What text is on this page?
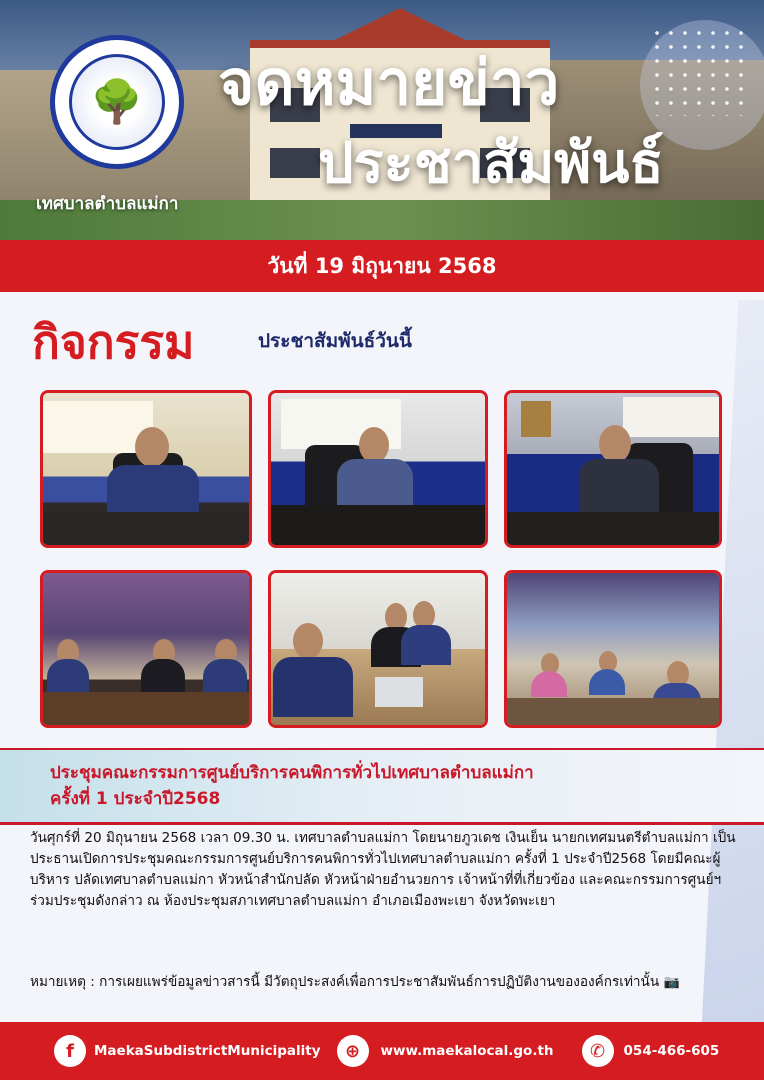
🌳
เทศบาลตำบลแม่กา
จดหมายข่าว
ประชาสัมพันธ์
วันที่ 19 มิถุนายน 2568
กิจกรรม	ประชาสัมพันธ์วันนี้
ประชุมคณะกรรมการศูนย์บริการคนพิการทั่วไปเทศบาลตำบลแม่กา
ครั้งที่ 1 ประจำปี2568
วันศุกร์ที่ 20 มิถุนายน 2568 เวลา 09.30 น. เทศบาลตำบลแม่กา โดยนายภูวเดช เงินเย็น นายกเทศมนตรีตำบลแม่กา เป็นประธานเปิดการประชุมคณะกรรมการศูนย์บริการคนพิการทั่วไปเทศบาลตำบลแม่กา ครั้งที่ 1 ประจำปี2568 โดยมีคณะผู้บริหาร ปลัดเทศบาลตำบลแม่กา หัวหน้าสำนักปลัด หัวหน้าฝ่ายอำนวยการ เจ้าหน้าที่ที่เกี่ยวข้อง และคณะกรรมการศูนย์ฯ ร่วมประชุมดังกล่าว ณ ห้องประชุมสภาเทศบาลตำบลแม่กา อำเภอเมืองพะเยา จังหวัดพะเยา
หมายเหตุ : การเผยแพร่ข้อมูลข่าวสารนี้ มีวัตถุประสงค์เพื่อการประชาสัมพันธ์การปฏิบัติงานขององค์กรเท่านั้น 📷
f	MaekaSubdistrictMunicipality	⊕	www.maekalocal.go.th	✆	054-466-605
